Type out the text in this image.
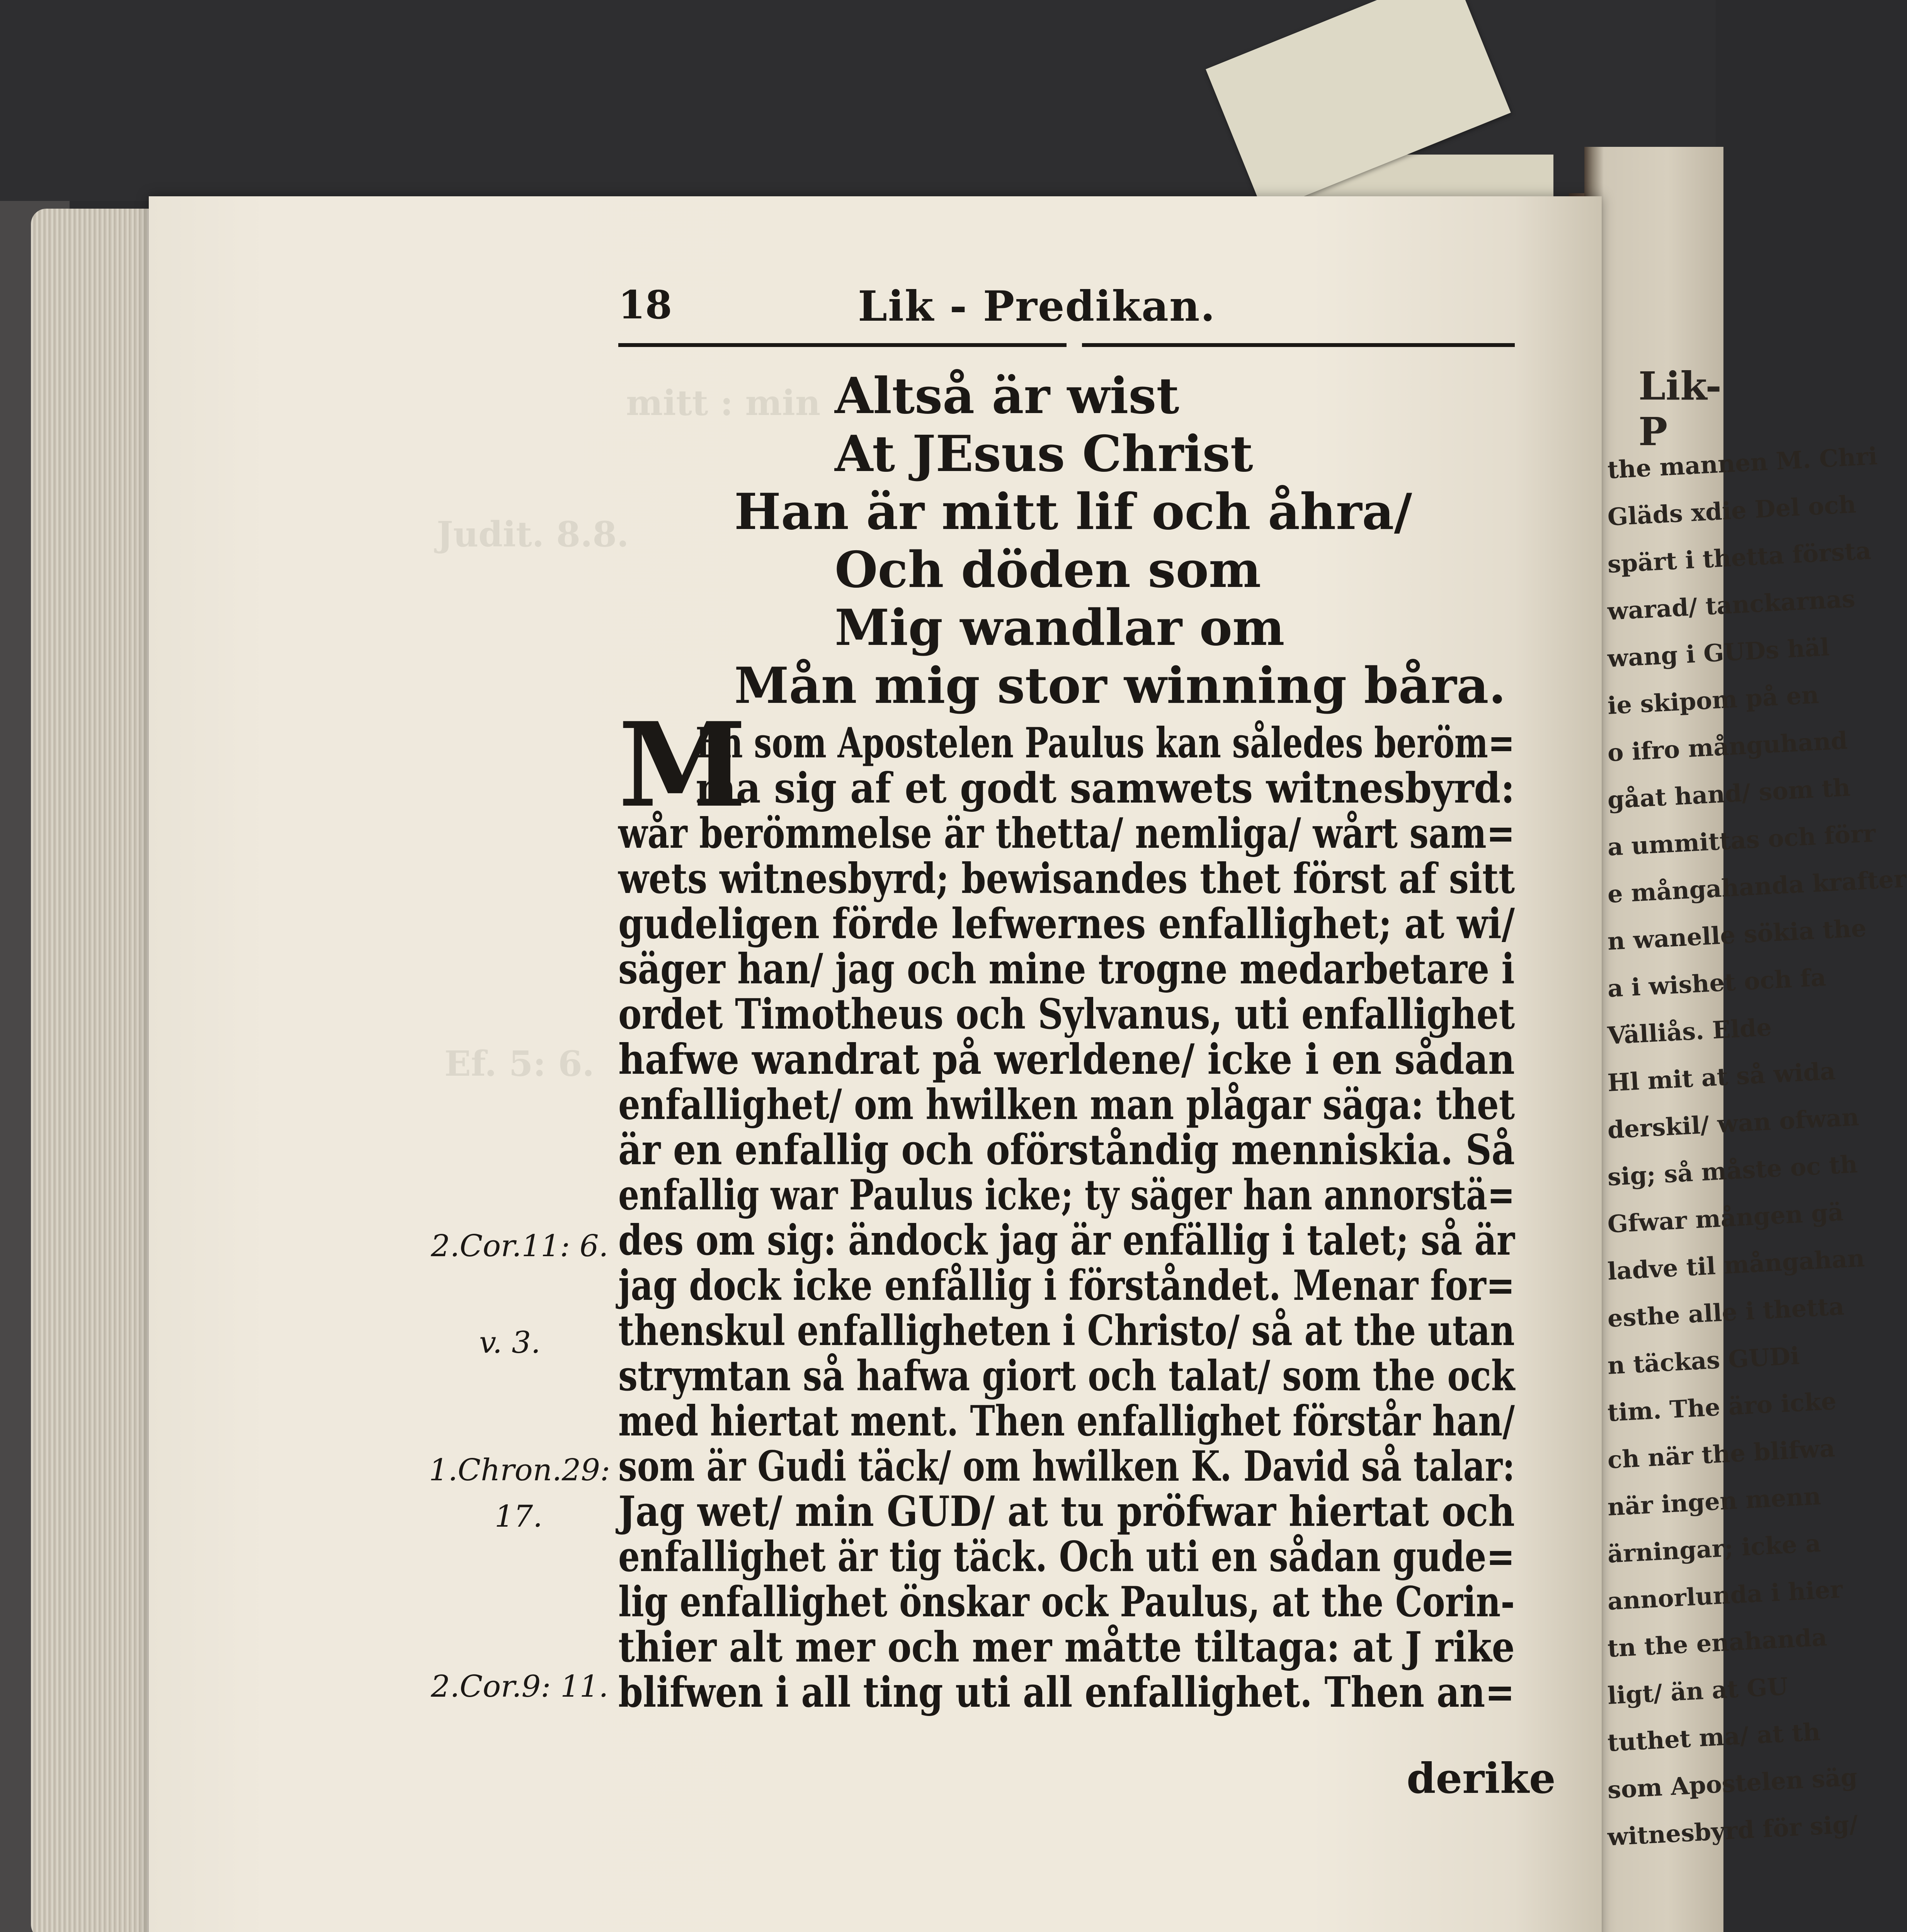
Lik-P
the mannen M. Chri
Gläds xdie Del och
spärt i thetta första
warad/ tanckarnas
wang i GUDs häl
ie skipom på en
o ifro månguhand
gåat hand/ som th
a ummittas och förr
e mångahanda krafter
n wanelle sökia the
a i wishet och fa
Välliås. Elde
Hl mit at så wida
derskil/ wan ofwan
sig; så måste oc th
Gfwar mången gä
ladve til mångahan
esthe alle i thetta
n täckas GUDi
tim. The äro icke
ch när the blifwa
när ingen menn
ärningar; icke a
annorlunda i hier
tn the enahanda
ligt/ än at GU
tuthet ma/ at th
som Apostelen säg
witnesbyrd för sig/
18	Lik - Predikan.
Altså är wist
At JEsus Christ
Han är mitt lif och åhra/
Och döden som
Mig wandlar om
Mån mig stor winning båra.
M
En som Apostelen Paulus kan således beröm=
ma sig af et godt samwets witnesbyrd:
wår berömmelse är thetta/ nemliga/ wårt sam=
wets witnesbyrd; bewisandes thet först af sitt
gudeligen förde lefwernes enfallighet; at wi/
säger han/ jag och mine trogne medarbetare i
ordet Timotheus och Sylvanus, uti enfallighet
hafwe wandrat på werldene/ icke i en sådan
enfallighet/ om hwilken man plågar säga: thet
är en enfallig och oförståndig menniskia. Så
enfallig war Paulus icke; ty säger han annorstä=
des om sig: ändock jag är enfällig i talet; så är
jag dock icke enfållig i förståndet. Menar for=
thenskul enfalligheten i Christo/ så at the utan
strymtan så hafwa giort och talat/ som the ock
med hiertat ment. Then enfallighet förstår han/
som är Gudi täck/ om hwilken K. David så talar:
Jag wet/ min GUD/ at tu pröfwar hiertat och
enfallighet är tig täck. Och uti en sådan gude=
lig enfallighet önskar ock Paulus, at the Corin-
thier alt mer och mer måtte tiltaga: at J rike
blifwen i all ting uti all enfallighet. Then an=
derike
2.Cor.11: 6.
v. 3.
1.Chron.29:
17.
2.Cor.9: 11.
